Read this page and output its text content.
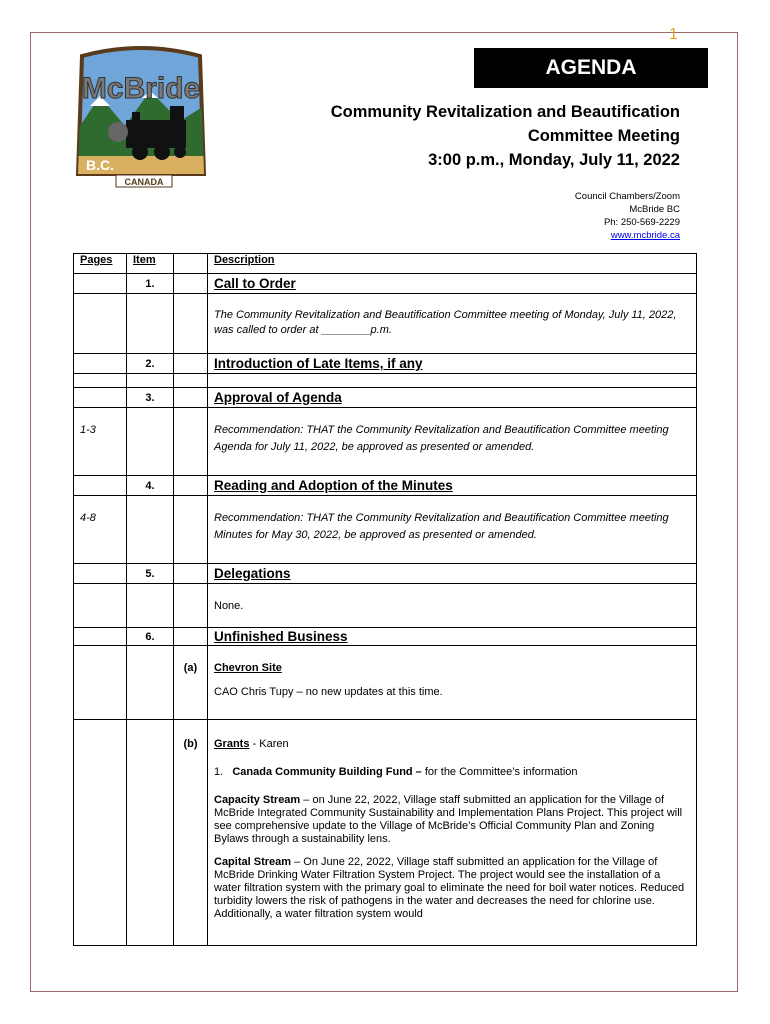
1
McBride
B.C.
CANADA
AGENDA
Community Revitalization and Beautification
Committee Meeting
3:00 p.m., Monday, July 11, 2022
Council Chambers/Zoom
McBride BC
Ph: 250-569-2229
www.mcbride.ca
Pages	Item		Description
	1.		Call to Order
			The Community Revitalization and Beautification Committee meeting of Monday, July 11, 2022, was called to order at ________p.m.
	2.		Introduction of Late Items, if any

	3.		Approval of Agenda
1-3			Recommendation: THAT the Community Revitalization and Beautification Committee meeting Agenda for July 11, 2022, be approved as presented or amended.
	4.		Reading and Adoption of the Minutes
4-8			Recommendation: THAT the Community Revitalization and Beautification Committee meeting Minutes for May 30, 2022, be approved as presented or amended.
	5.		Delegations
			None.
	6.		Unfinished Business
		(a)	Chevron Site
CAO Chris Tupy – no new updates at this time.

		(b)	Grants - Karen
1. Canada Community Building Fund – for the Committee’s information

Capacity Stream – on June 22, 2022, Village staff submitted an application for the Village of McBride Integrated Community Sustainability and Implementation Plans Project. This project will see comprehensive update to the Village of McBride’s Official Community Plan and Zoning Bylaws through a sustainability lens.

Capital Stream – On June 22, 2022, Village staff submitted an application for the Village of McBride Drinking Water Filtration System Project. The project would see the installation of a water filtration system with the primary goal to eliminate the need for boil water notices. Reduced turbidity lowers the risk of pathogens in the water and decreases the need for chlorine use. Additionally, a water filtration system would
